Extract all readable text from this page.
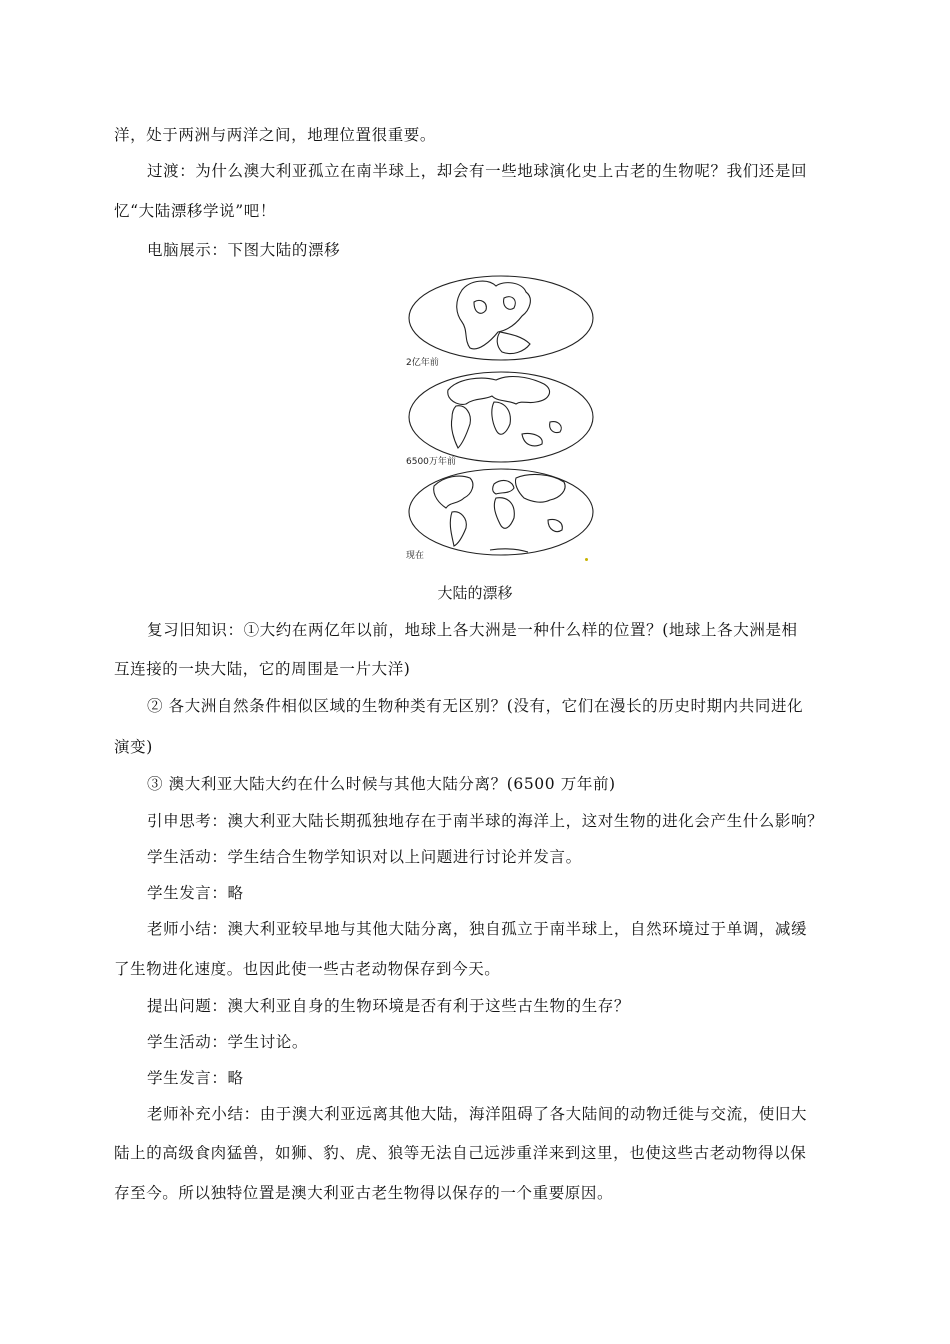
洋，处于两洲与两洋之间，地理位置很重要。
过渡：为什么澳大利亚孤立在南半球上，却会有一些地球演化史上古老的生物呢？我们还是回
忆“大陆漂移学说”吧！
电脑展示：下图大陆的漂移
2亿年前
6500万年前
现在
大陆的漂移
复习旧知识：①大约在两亿年以前，地球上各大洲是一种什么样的位置？(地球上各大洲是相
互连接的一块大陆，它的周围是一片大洋)
② 各大洲自然条件相似区域的生物种类有无区别？(没有，它们在漫长的历史时期内共同进化
演变)
③ 澳大利亚大陆大约在什么时候与其他大陆分离？(6500 万年前)
引申思考：澳大利亚大陆长期孤独地存在于南半球的海洋上，这对生物的进化会产生什么影响？
学生活动：学生结合生物学知识对以上问题进行讨论并发言。
学生发言：略
老师小结：澳大利亚较早地与其他大陆分离，独自孤立于南半球上，自然环境过于单调，减缓
了生物进化速度。也因此使一些古老动物保存到今天。
提出问题：澳大利亚自身的生物环境是否有利于这些古生物的生存？
学生活动：学生讨论。
学生发言：略
老师补充小结：由于澳大利亚远离其他大陆，海洋阻碍了各大陆间的动物迁徙与交流，使旧大
陆上的高级食肉猛兽，如狮、豹、虎、狼等无法自己远涉重洋来到这里，也使这些古老动物得以保
存至今。所以独特位置是澳大利亚古老生物得以保存的一个重要原因。
